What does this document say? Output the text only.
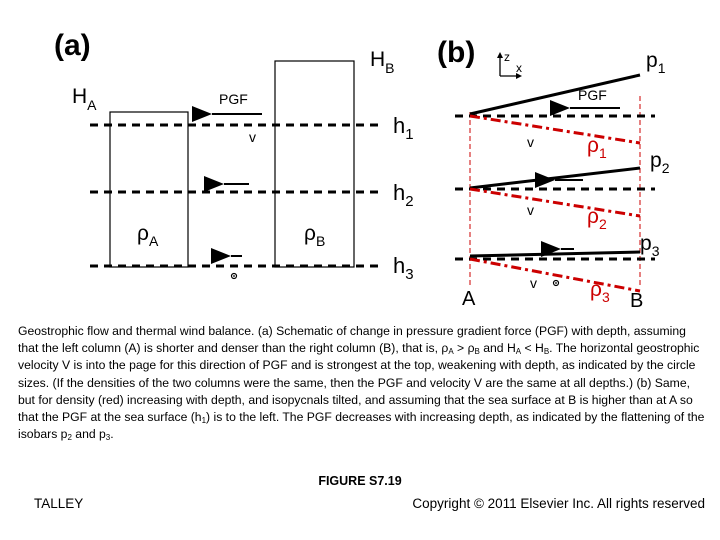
(a)
$H_A$
$H_B$
$h_1$
$h_2$
$h_3$
PGF
v
$\rho_A$	$\rho_B$
(b) z
x
PGF
v
v
v
$p_1$
$p_2$
$p_3$
$\rho_1$
$\rho_2$
$\rho_3$
A	B
Geostrophic flow and thermal wind balance. (a) Schematic of change in pressure gradient force (PGF) with depth, assuming that the left column (A) is shorter and denser than the right column (B), that is, $\rho_A > \rho_B$ and $H_A < H_B$. The horizontal geostrophic velocity V is into the page for this direction of PGF and is strongest at the top, weakening with depth, as indicated by the circle sizes. (If the densities of the two columns were the same, then the PGF and velocity V are the same at all depths.) (b) Same, but for density (red) increasing with depth, and isopycnals tilted, and assuming that the sea surface at B is higher than at A so that the PGF at the sea surface $(h_1)$ is to the left. The PGF decreases with increasing depth, as indicated by the flattening of the isobars $p_2$ and $p_3$.
FIGURE S7.19
TALLEY	Copyright © 2011 Elsevier Inc. All rights reserved
